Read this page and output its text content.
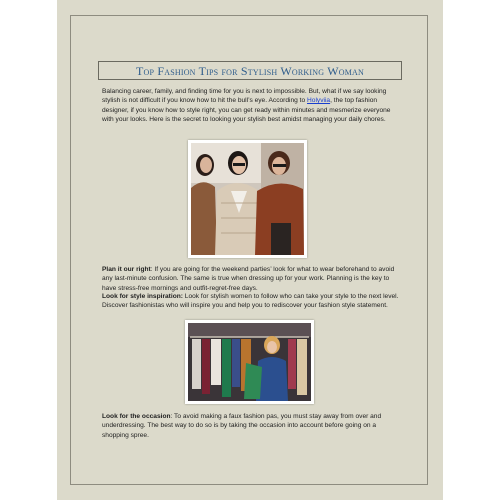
Top Fashion Tips for Stylish Working Woman
Balancing career, family, and finding time for you is next to impossible. But, what if we say looking stylish is not difficult if you know how to hit the bull’s eye. According to Holyviia, the top fashion designer, if you know how to style right, you can get ready within minutes and mesmerize everyone with your looks. Here is the secret to looking your stylish best amidst managing your daily chores.
Plan it our right: If you are going for the weekend parties’ look for what to wear beforehand to avoid any last-minute confusion. The same is true when dressing up for your work. Planning is the key to have stress-free mornings and outfit-regret-free days.
Look for style inspiration: Look for stylish women to follow who can take your style to the next level. Discover fashionistas who will inspire you and help you to rediscover your fashion style statement.
Look for the occasion: To avoid making a faux fashion pas, you must stay away from over and underdressing. The best way to do so is by taking the occasion into account before going on a shopping spree.
